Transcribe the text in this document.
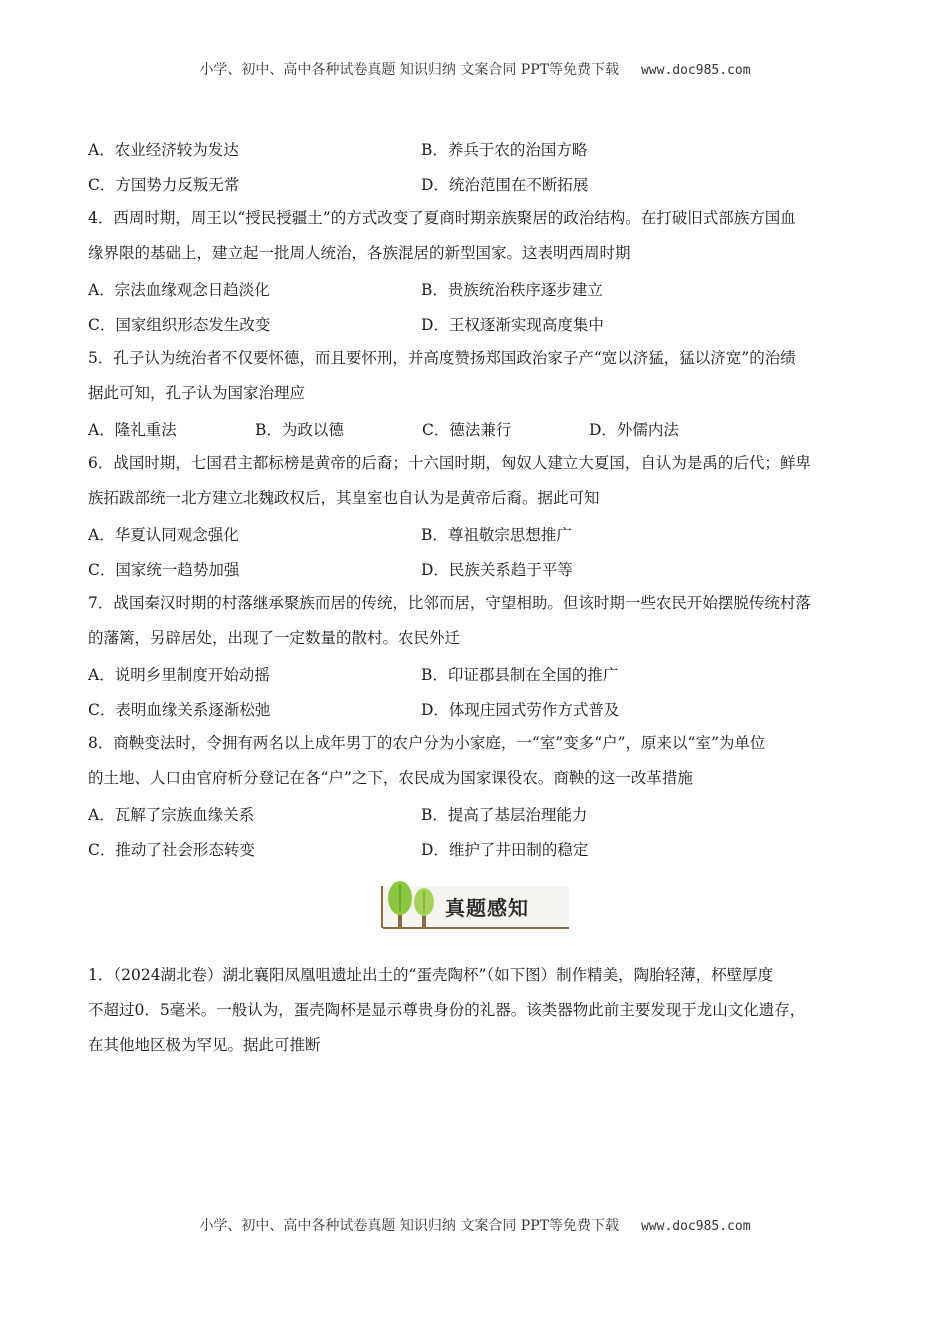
小学、初中、高中各种试卷真题 知识归纳 文案合同 PPT等免费下载 www.doc985.com
A．农业经济较为发达	B．养兵于农的治国方略
C．方国势力反叛无常	D．统治范围在不断拓展
4．西周时期，周王以“授民授疆土”的方式改变了夏商时期亲族聚居的政治结构。在打破旧式部族方国血
缘界限的基础上，建立起一批周人统治，各族混居的新型国家。这表明西周时期
A．宗法血缘观念日趋淡化	B．贵族统治秩序逐步建立
C．国家组织形态发生改变	D．王权逐渐实现高度集中
5．孔子认为统治者不仅要怀德，而且要怀刑，并高度赞扬郑国政治家子产“宽以济猛，猛以济宽”的治绩
据此可知，孔子认为国家治理应
A．隆礼重法	B．为政以德	C．德法兼行	D．外儒内法
6．战国时期，七国君主都标榜是黄帝的后裔；十六国时期，匈奴人建立大夏国，自认为是禹的后代；鲜卑
族拓跋部统一北方建立北魏政权后，其皇室也自认为是黄帝后裔。据此可知
A．华夏认同观念强化	B．尊祖敬宗思想推广
C．国家统一趋势加强	D．民族关系趋于平等
7．战国秦汉时期的村落继承聚族而居的传统，比邻而居，守望相助。但该时期一些农民开始摆脱传统村落
的藩篱，另辟居处，出现了一定数量的散村。农民外迁
A．说明乡里制度开始动摇	B．印证郡县制在全国的推广
C．表明血缘关系逐渐松弛	D．体现庄园式劳作方式普及
8．商鞅变法时，令拥有两名以上成年男丁的农户分为小家庭，一“室”变多“户”，原来以“室”为单位
的土地、人口由官府析分登记在各“户”之下，农民成为国家课役农。商鞅的这一改革措施
A．瓦解了宗族血缘关系	B．提高了基层治理能力
C．推动了社会形态转变	D．维护了井田制的稳定
真题感知
1．（2024湖北卷）湖北襄阳凤凰咀遗址出土的“蛋壳陶杯”（如下图）制作精美，陶胎轻薄，杯壁厚度
不超过0．5毫米。一般认为，蛋壳陶杯是显示尊贵身份的礼器。该类器物此前主要发现于龙山文化遗存，
在其他地区极为罕见。据此可推断
小学、初中、高中各种试卷真题 知识归纳 文案合同 PPT等免费下载 www.doc985.com
